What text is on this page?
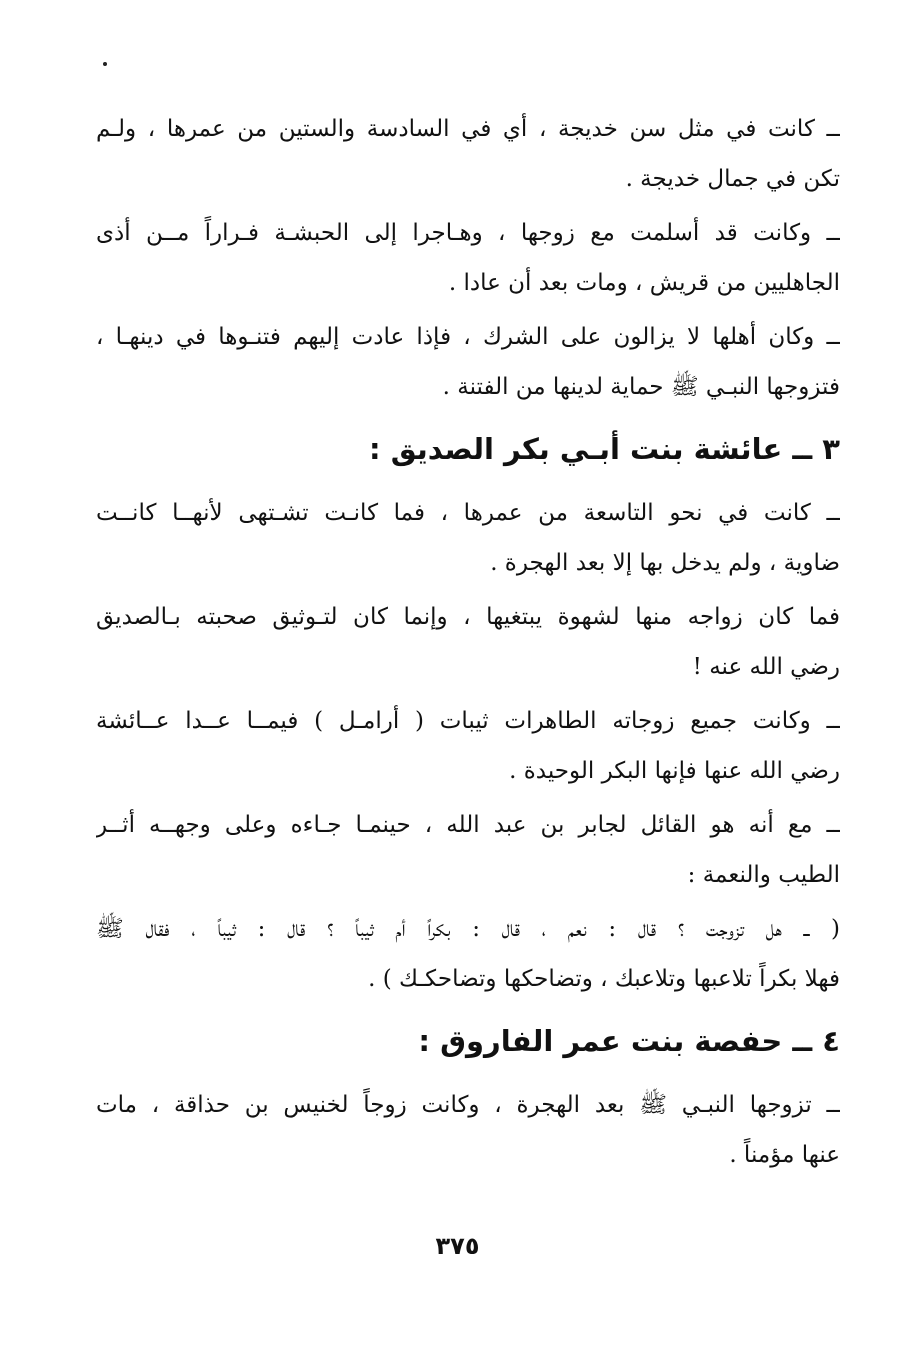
ــ كانت في مثل سن خديجة ، أي في السادسة والستين من عمرها ، ولـم
تكن في جمال خديجة .

ــ وكانت قد أسلمت مع زوجها ، وهـاجرا إلى الحبشـة فـراراً مــن أذى
الجاهليين من قريش ، ومات بعد أن عادا .

ــ وكان أهلها لا يزالون على الشرك ، فإذا عادت إليهم فتنـوها في دينهـا ،
فتزوجها النبـي ﷺ حماية لدينها من الفتنة .

٣ ــ عائشة بنت أبـي بكر الصديق :

ــ كانت في نحو التاسعة من عمرها ، فما كانـت تشـتهى لأنهــا كانــت
ضاوية ، ولم يدخل بها إلا بعد الهجرة .

فما كان زواجه منها لشهوة يبتغيها ، وإنما كان لتـوثيق صحبته بـالصديق
رضي الله عنه !

ــ وكانت جميع زوجاته الطاهرات ثيبات ( أرامـل ) فيمــا عــدا عــائشة
رضي الله عنها فإنها البكر الوحيدة .

ــ مع أنه هو القائل لجابر بن عبد الله ، حينمـا جـاءه وعلى وجهــه أثــر
الطيب والنعمة :

( ــ هل تزوجت ؟ قال : نعم ، قال : بكراً أم ثيباً ؟ قال : ثيباً ، فقال ﷺ
فهلا بكراً تلاعبها وتلاعبك ، وتضاحكها وتضاحكـك ) .

٤ ــ حفصة بنت عمر الفاروق :

ــ تزوجها النبـي ﷺ بعد الهجرة ، وكانت زوجاً لخنيس بن حذاقة ، مات
عنها مؤمناً .

٣٧٥
